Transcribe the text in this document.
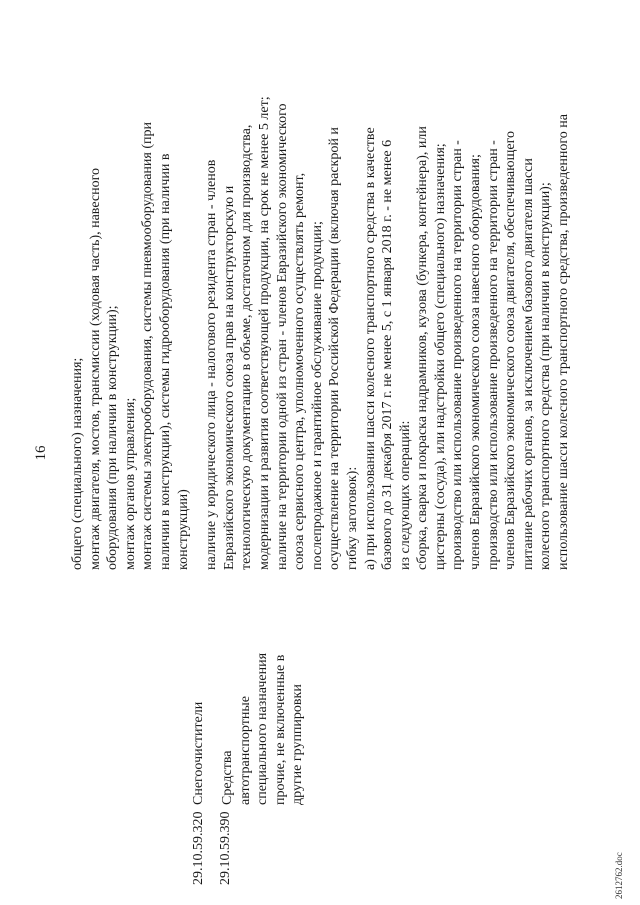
16
29.10.59.320
Снегоочистители
29.10.59.390
Средства автотранспортные специального назначения прочие, не включенные в другие группировки
общего (специального) назначения; монтаж двигателя, мостов, трансмиссии (ходовая часть), навесного оборудования (при наличии в конструкции); монтаж органов управления; монтаж системы электрооборудования, системы пневмооборудования (при наличии в конструкции), системы гидрооборудования (при наличии в конструкции) наличие у юридического лица - налогового резидента стран - членов Евразийского экономического союза прав на конструкторскую и технологическую документацию в объеме, достаточном для производства, модернизации и развития соответствующей продукции, на срок не менее 5 лет; наличие на территории одной из стран - членов Евразийского экономического союза сервисного центра, уполномоченного осуществлять ремонт, послепродажное и гарантийное обслуживание продукции; осуществление на территории Российской Федерации (включая раскрой и гибку заготовок): а) при использовании шасси колесного транспортного средства в качестве базового до 31 декабря 2017 г. не менее 5, с 1 января 2018 г. - не менее 6 из следующих операций: сборка, сварка и покраска надрамников, кузова (бункера, контейнера), или цистерны (сосуда), или надстройки общего (специального) назначения; производство или использование произведенного на территории стран - членов Евразийского экономического союза навесного оборудования; производство или использование произведенного на территории стран - членов Евразийского экономического союза двигателя, обеспечивающего питание рабочих органов, за исключением базового двигателя шасси колесного транспортного средства (при наличии в конструкции); использование шасси колесного транспортного средства, произведенного на
2612762.doc
